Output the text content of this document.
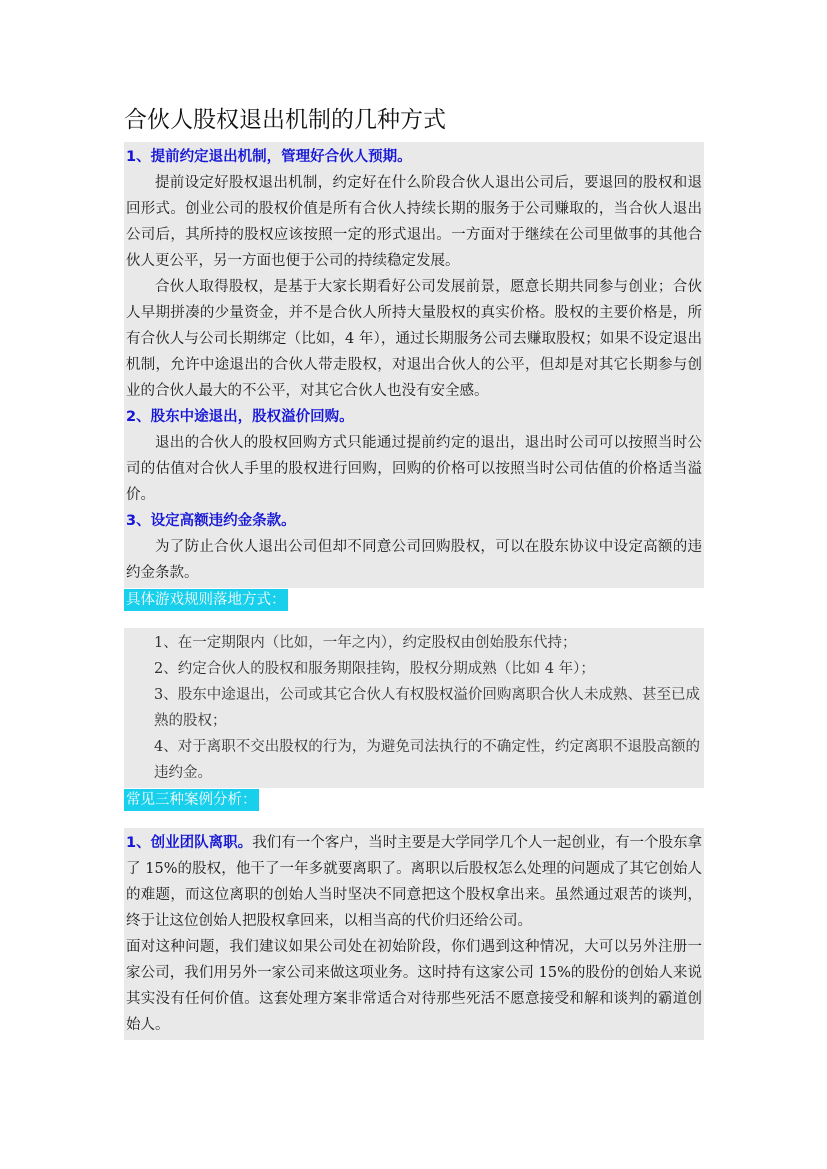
合伙人股权退出机制的几种方式
1、提前约定退出机制，管理好合伙人预期。

提前设定好股权退出机制，约定好在什么阶段合伙人退出公司后，要退回的股权和退回形式。创业公司的股权价值是所有合伙人持续长期的服务于公司赚取的，当合伙人退出公司后，其所持的股权应该按照一定的形式退出。一方面对于继续在公司里做事的其他合伙人更公平，另一方面也便于公司的持续稳定发展。

合伙人取得股权，是基于大家长期看好公司发展前景，愿意长期共同参与创业；合伙人早期拼凑的少量资金，并不是合伙人所持大量股权的真实价格。股权的主要价格是，所有合伙人与公司长期绑定（比如，4 年），通过长期服务公司去赚取股权；如果不设定退出机制，允许中途退出的合伙人带走股权，对退出合伙人的公平，但却是对其它长期参与创业的合伙人最大的不公平，对其它合伙人也没有安全感。

2、股东中途退出，股权溢价回购。

退出的合伙人的股权回购方式只能通过提前约定的退出，退出时公司可以按照当时公司的估值对合伙人手里的股权进行回购，回购的价格可以按照当时公司估值的价格适当溢价。

3、设定高额违约金条款。

为了防止合伙人退出公司但却不同意公司回购股权，可以在股东协议中设定高额的违约金条款。

具体游戏规则落地方式：
1、在一定期限内（比如，一年之内），约定股权由创始股东代持；
2、约定合伙人的股权和服务期限挂钩，股权分期成熟（比如 4 年）；
3、股东中途退出，公司或其它合伙人有权股权溢价回购离职合伙人未成熟、甚至已成熟的股权；
4、对于离职不交出股权的行为，为避免司法执行的不确定性，约定离职不退股高额的违约金。
常见三种案例分析：

1、创业团队离职。我们有一个客户，当时主要是大学同学几个人一起创业，有一个股东拿了 15%的股权，他干了一年多就要离职了。离职以后股权怎么处理的问题成了其它创始人的难题，而这位离职的创始人当时坚决不同意把这个股权拿出来。虽然通过艰苦的谈判，终于让这位创始人把股权拿回来，以相当高的代价归还给公司。

面对这种问题，我们建议如果公司处在初始阶段，你们遇到这种情况，大可以另外注册一家公司，我们用另外一家公司来做这项业务。这时持有这家公司 15%的股份的创始人来说其实没有任何价值。这套处理方案非常适合对待那些死活不愿意接受和解和谈判的霸道创始人。
